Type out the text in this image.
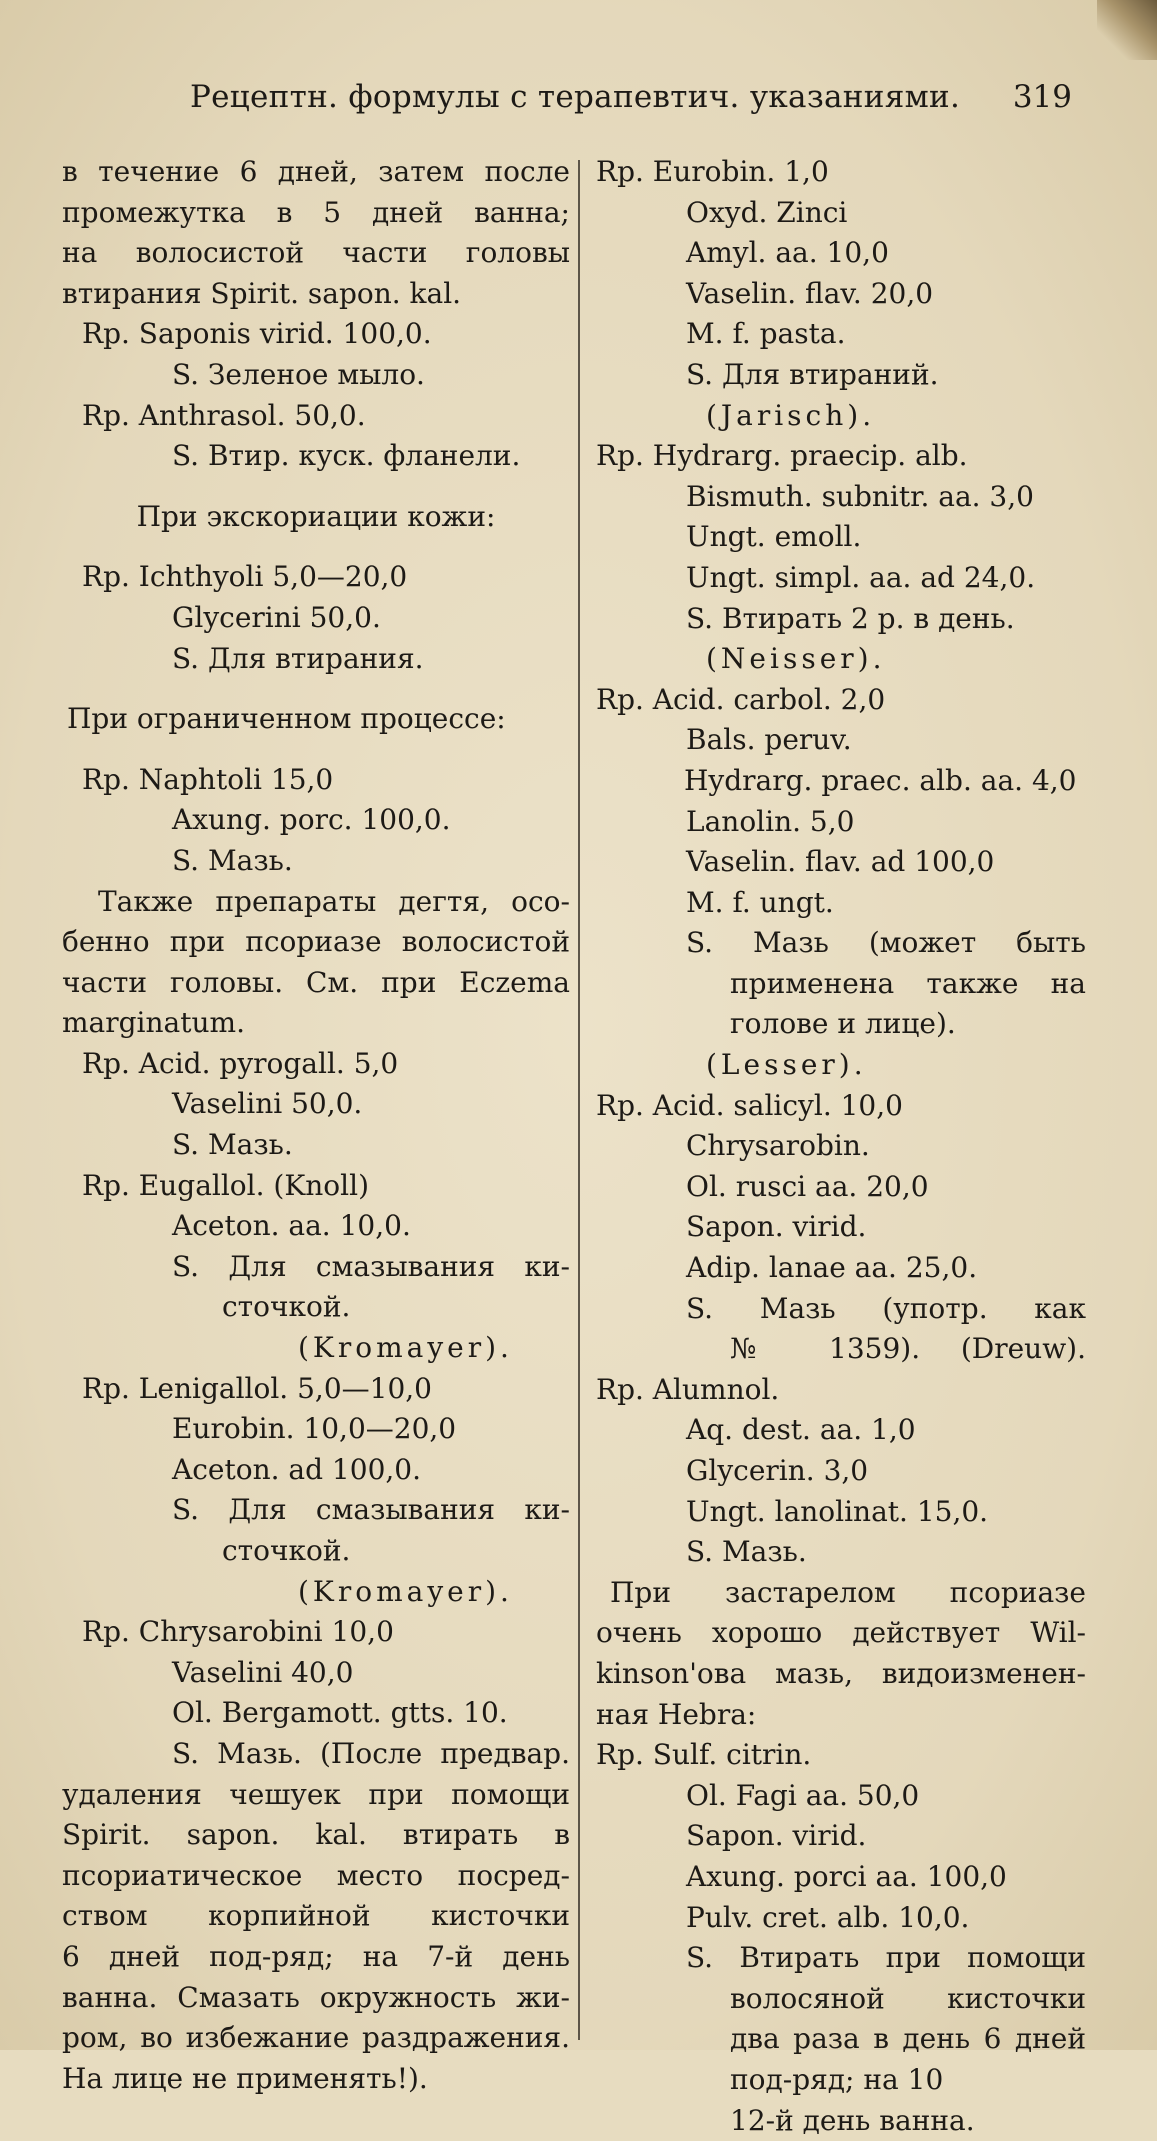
Рецептн. формулы с терапевтич. указаниями. 319
в течение 6 дней, затем после
промежутка в 5 дней ванна;
на волосистой части головы
втирания Spirit. sapon. kal.
Rp. Saponis virid. 100,0.
S. Зеленое мыло.
Rp. Anthrasol. 50,0.
S. Втир. куск. фланели.
При экскориации кожи:
Rp. Ichthyoli 5,0—20,0
Glycerini 50,0.
S. Для втирания.
При ограниченном процессе:
Rp. Naphtoli 15,0
Axung. porc. 100,0.
S. Мазь.
Также препараты дегтя, осо-
бенно при псориазе волосистой
части головы. См. при Eczema
marginatum.
Rp. Acid. pyrogall. 5,0
Vaselini 50,0.
S. Мазь.
Rp. Eugallol. (Knoll)
Aceton. aa. 10,0.
S. Для смазывания ки-
сточкой.
(Kromayer).
Rp. Lenigallol. 5,0—10,0
Eurobin. 10,0—20,0
Aceton. ad 100,0.
S. Для смазывания ки-
сточкой.
(Kromayer).
Rp. Chrysarobini 10,0
Vaselini 40,0
Ol. Bergamott. gtts. 10.
S. Мазь. (После предвар.
удаления чешуек при помощи
Spirit. sapon. kal. втирать в
псориатическое место посред-
ством корпийной кисточки
6 дней под-ряд; на 7-й день
ванна. Смазать окружность жи-
ром, во избежание раздражения.
На лице не применять!).
Rp. Eurobin. 1,0
Oxyd. Zinci
Amyl. aa. 10,0
Vaselin. flav. 20,0
M. f. pasta.
S. Для втираний.
(Jarisch).
Rp. Hydrarg. praecip. alb.
Bismuth. subnitr. aa. 3,0
Ungt. emoll.
Ungt. simpl. aa. ad 24,0.
S. Втирать 2 р. в день.
(Neisser).
Rp. Acid. carbol. 2,0
Bals. peruv.
Hydrarg. praec. alb. aa. 4,0
Lanolin. 5,0
Vaselin. flav. ad 100,0
M. f. ungt.
S. Мазь (может быть
применена также на
голове и лице).
(Lesser).
Rp. Acid. salicyl. 10,0
Chrysarobin.
Ol. rusci aa. 20,0
Sapon. virid.
Adip. lanae aa. 25,0.
S. Мазь (употр. как
№ 1359). (Dreuw).
Rp. Alumnol.
Aq. dest. aa. 1,0
Glycerin. 3,0
Ungt. lanolinat. 15,0.
S. Мазь.
При застарелом псориазе
очень хорошо действует Wil-
kinson'ова мазь, видоизменен-
ная Hebra:
Rp. Sulf. citrin.
Ol. Fagi aa. 50,0
Sapon. virid.
Axung. porci aa. 100,0
Pulv. cret. alb. 10,0.
S. Втирать при помощи
волосяной кисточки
два раза в день 6 дней
под-ряд; на 10
12-й день ванна.
